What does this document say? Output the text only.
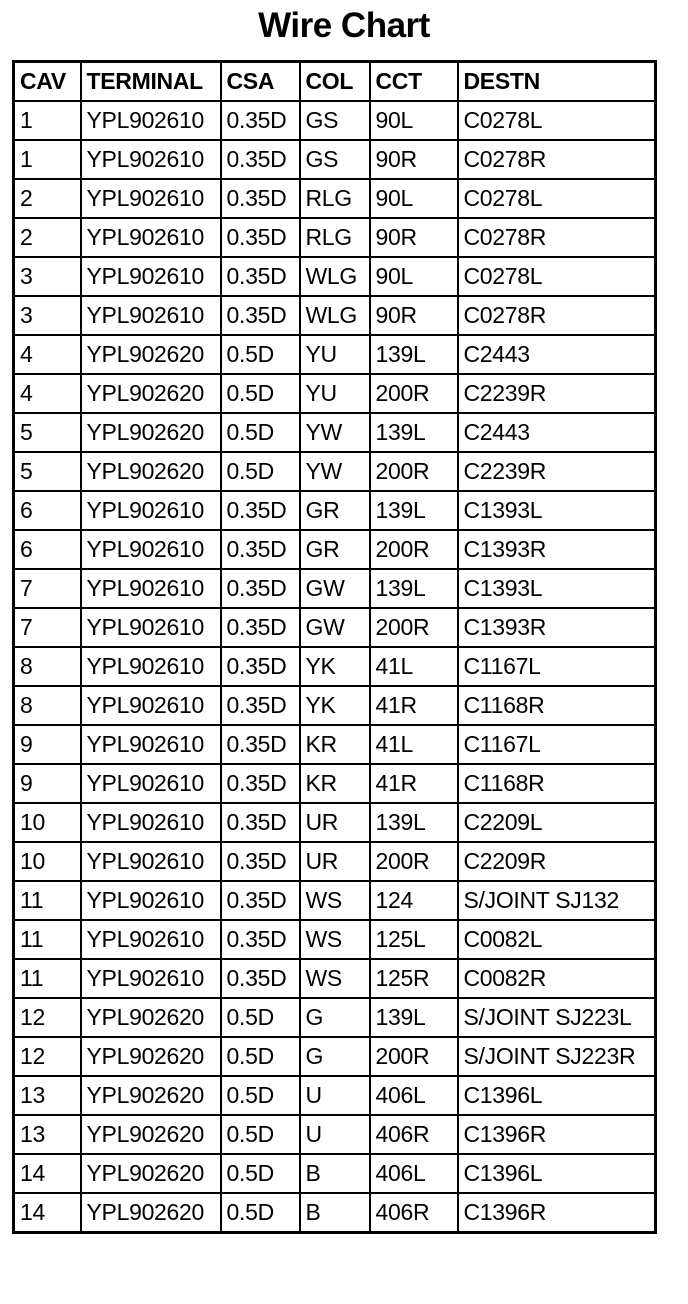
Wire Chart
CAV	TERMINAL	CSA	COL	CCT	DESTN
1	YPL902610	0.35D	GS	90L	C0278L
1	YPL902610	0.35D	GS	90R	C0278R
2	YPL902610	0.35D	RLG	90L	C0278L
2	YPL902610	0.35D	RLG	90R	C0278R
3	YPL902610	0.35D	WLG	90L	C0278L
3	YPL902610	0.35D	WLG	90R	C0278R
4	YPL902620	0.5D	YU	139L	C2443
4	YPL902620	0.5D	YU	200R	C2239R
5	YPL902620	0.5D	YW	139L	C2443
5	YPL902620	0.5D	YW	200R	C2239R
6	YPL902610	0.35D	GR	139L	C1393L
6	YPL902610	0.35D	GR	200R	C1393R
7	YPL902610	0.35D	GW	139L	C1393L
7	YPL902610	0.35D	GW	200R	C1393R
8	YPL902610	0.35D	YK	41L	C1167L
8	YPL902610	0.35D	YK	41R	C1168R
9	YPL902610	0.35D	KR	41L	C1167L
9	YPL902610	0.35D	KR	41R	C1168R
10	YPL902610	0.35D	UR	139L	C2209L
10	YPL902610	0.35D	UR	200R	C2209R
11	YPL902610	0.35D	WS	124	S/JOINT SJ132
11	YPL902610	0.35D	WS	125L	C0082L
11	YPL902610	0.35D	WS	125R	C0082R
12	YPL902620	0.5D	G	139L	S/JOINT SJ223L
12	YPL902620	0.5D	G	200R	S/JOINT SJ223R
13	YPL902620	0.5D	U	406L	C1396L
13	YPL902620	0.5D	U	406R	C1396R
14	YPL902620	0.5D	B	406L	C1396L
14	YPL902620	0.5D	B	406R	C1396R
